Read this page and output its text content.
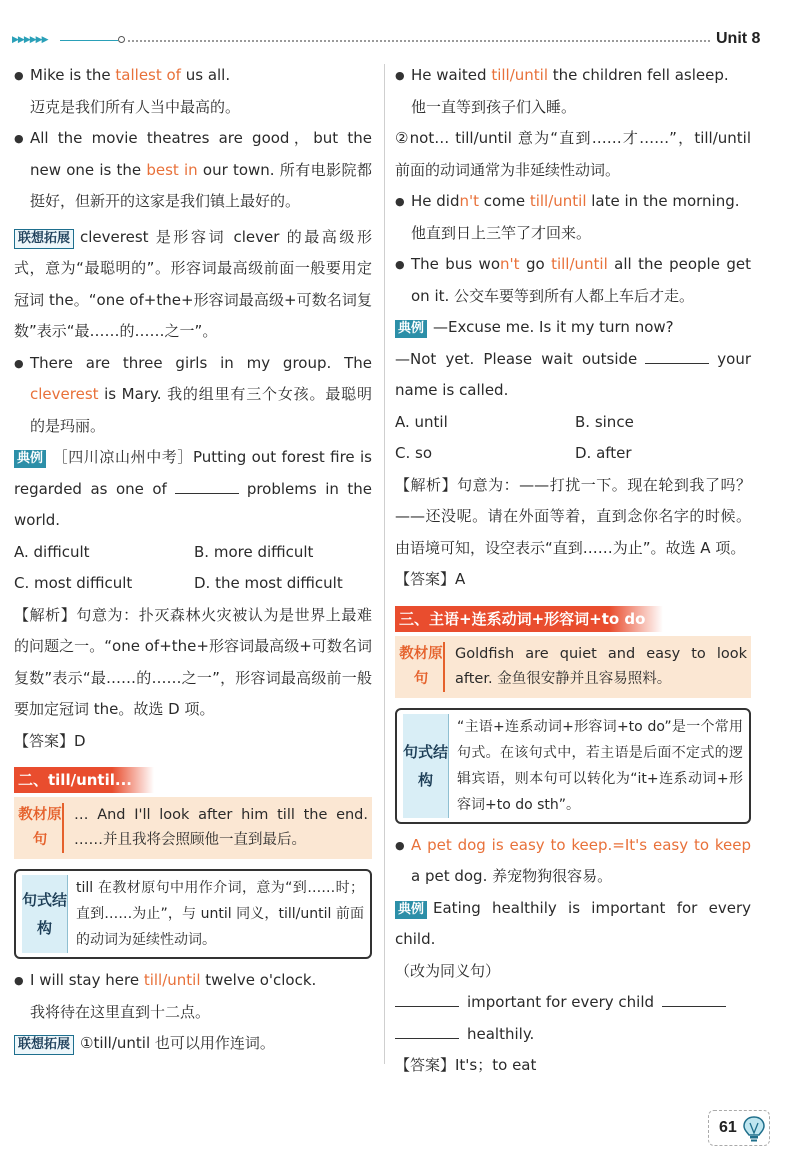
▶▶▶▶▶▶	Unit 8
● Mike is the tallest of us all.
迈克是我们所有人当中最高的。
● All the movie theatres are good，but the new one is the best in our town. 所有电影院都挺好，但新开的这家是我们镇上最好的。
联想拓展 cleverest 是形容词 clever 的最高级形式，意为“最聪明的”。形容词最高级前面一般要用定冠词 the。“one of+the+形容词最高级+可数名词复数”表示“最……的……之一”。
● There are three girls in my group. The cleverest is Mary. 我的组里有三个女孩。最聪明的是玛丽。
典例 ［四川凉山州中考］Putting out forest fire is regarded as one of	problems in the world.
A. difficult	B. more difficult
C. most difficult	D. the most difficult
【解析】句意为：扑灭森林火灾被认为是世界上最难的问题之一。“one of+the+形容词最高级+可数名词复数”表示“最……的……之一”，形容词最高级前一般要加定冠词 the。故选 D 项。
【答案】D
二、till/until...
教材原句
… And I'll look after him till the end. ……并且我将会照顾他一直到最后。
句式结构
till 在教材原句中用作介词，意为“到……时；直到……为止”，与 until 同义，till/until 前面的动词为延续性动词。
● I will stay here till/until twelve o'clock.
我将待在这里直到十二点。
联想拓展 ①till/until 也可以用作连词。
● He waited till/until the children fell asleep.
他一直等到孩子们入睡。
②not… till/until 意为“直到……才……”，till/until 前面的动词通常为非延续性动词。
● He didn't come till/until late in the morning.
他直到日上三竿了才回来。
● The bus won't go till/until all the people get on it. 公交车要等到所有人都上车后才走。
典例 —Excuse me. Is it my turn now?
—Not yet. Please wait outside	your name is called.
A. until	B. since
C. so	D. after
【解析】句意为：——打扰一下。现在轮到我了吗？——还没呢。请在外面等着，直到念你名字的时候。由语境可知，设空表示“直到……为止”。故选 A 项。
【答案】A
三、主语+连系动词+形容词+to do
教材原句
Goldfish are quiet and easy to look after. 金鱼很安静并且容易照料。
句式结构
“主语+连系动词+形容词+to do”是一个常用句式。在该句式中，若主语是后面不定式的逻辑宾语，则本句可以转化为“it+连系动词+形容词+to do sth”。
● A pet dog is easy to keep.=It's easy to keep a pet dog. 养宠物狗很容易。
典例 Eating healthily is important for every child.
（改为同义句）
important for every child
healthily.
【答案】It's；to eat
61
